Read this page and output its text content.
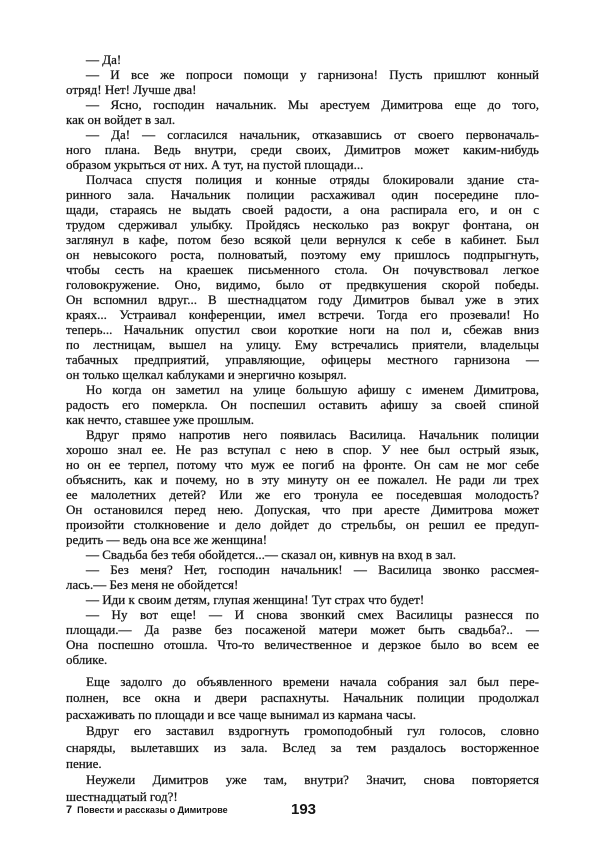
— Да!
— И все же попроси помощи у гарнизона! Пусть пришлют конный
отряд! Нет! Лучше два!
— Ясно, господин начальник. Мы арестуем Димитрова еще до того,
как он войдет в зал.
— Да! — согласился начальник, отказавшись от своего первоначаль-
ного плана. Ведь внутри, среди своих, Димитров может каким-нибудь
образом укрыться от них. А тут, на пустой площади...
Полчаса спустя полиция и конные отряды блокировали здание ста-
ринного зала. Начальник полиции расхаживал один посередине пло-
щади, стараясь не выдать своей радости, а она распирала его, и он с
трудом сдерживал улыбку. Пройдясь несколько раз вокруг фонтана, он
заглянул в кафе, потом безо всякой цели вернулся к себе в кабинет. Был
он невысокого роста, полноватый, поэтому ему пришлось подпрыгнуть,
чтобы сесть на краешек письменного стола. Он почувствовал легкое
головокружение. Оно, видимо, было от предвкушения скорой победы.
Он вспомнил вдруг... В шестнадцатом году Димитров бывал уже в этих
краях... Устраивал конференции, имел встречи. Тогда его прозевали! Но
теперь... Начальник опустил свои короткие ноги на пол и, сбежав вниз
по лестницам, вышел на улицу. Ему встречались приятели, владельцы
табачных предприятий, управляющие, офицеры местного гарнизона —
он только щелкал каблуками и энергично козырял.
Но когда он заметил на улице большую афишу с именем Димитрова,
радость его померкла. Он поспешил оставить афишу за своей спиной
как нечто, ставшее уже прошлым.
Вдруг прямо напротив него появилась Василица. Начальник полиции
хорошо знал ее. Не раз вступал с нею в спор. У нее был острый язык,
но он ее терпел, потому что муж ее погиб на фронте. Он сам не мог себе
объяснить, как и почему, но в эту минуту он ее пожалел. Не ради ли трех
ее малолетних детей? Или же его тронула ее поседевшая молодость?
Он остановился перед нею. Допуская, что при аресте Димитрова может
произойти столкновение и дело дойдет до стрельбы, он решил ее предуп-
редить — ведь она все же женщина!
— Свадьба без тебя обойдется...— сказал он, кивнув на вход в зал.
— Без меня? Нет, господин начальник! — Василица звонко рассмея-
лась.— Без меня не обойдется!
— Иди к своим детям, глупая женщина! Тут страх что будет!
— Ну вот еще! — И снова звонкий смех Василицы разнесся по
площади.— Да разве без посаженой матери может быть свадьба?.. —
Она поспешно отошла. Что-то величественное и дерзкое было во всем ее
облике.
Еще задолго до объявленного времени начала собрания зал был пере-
полнен, все окна и двери распахнуты. Начальник полиции продолжал
расхаживать по площади и все чаще вынимал из кармана часы.
Вдруг его заставил вздрогнуть громоподобный гул голосов, словно
снаряды, вылетавших из зала. Вслед за тем раздалось восторженное
пение.
Неужели Димитров уже там, внутри? Значит, снова повторяется
шестнадцатый год?!
7 Повести и рассказы о Димитрове	193
